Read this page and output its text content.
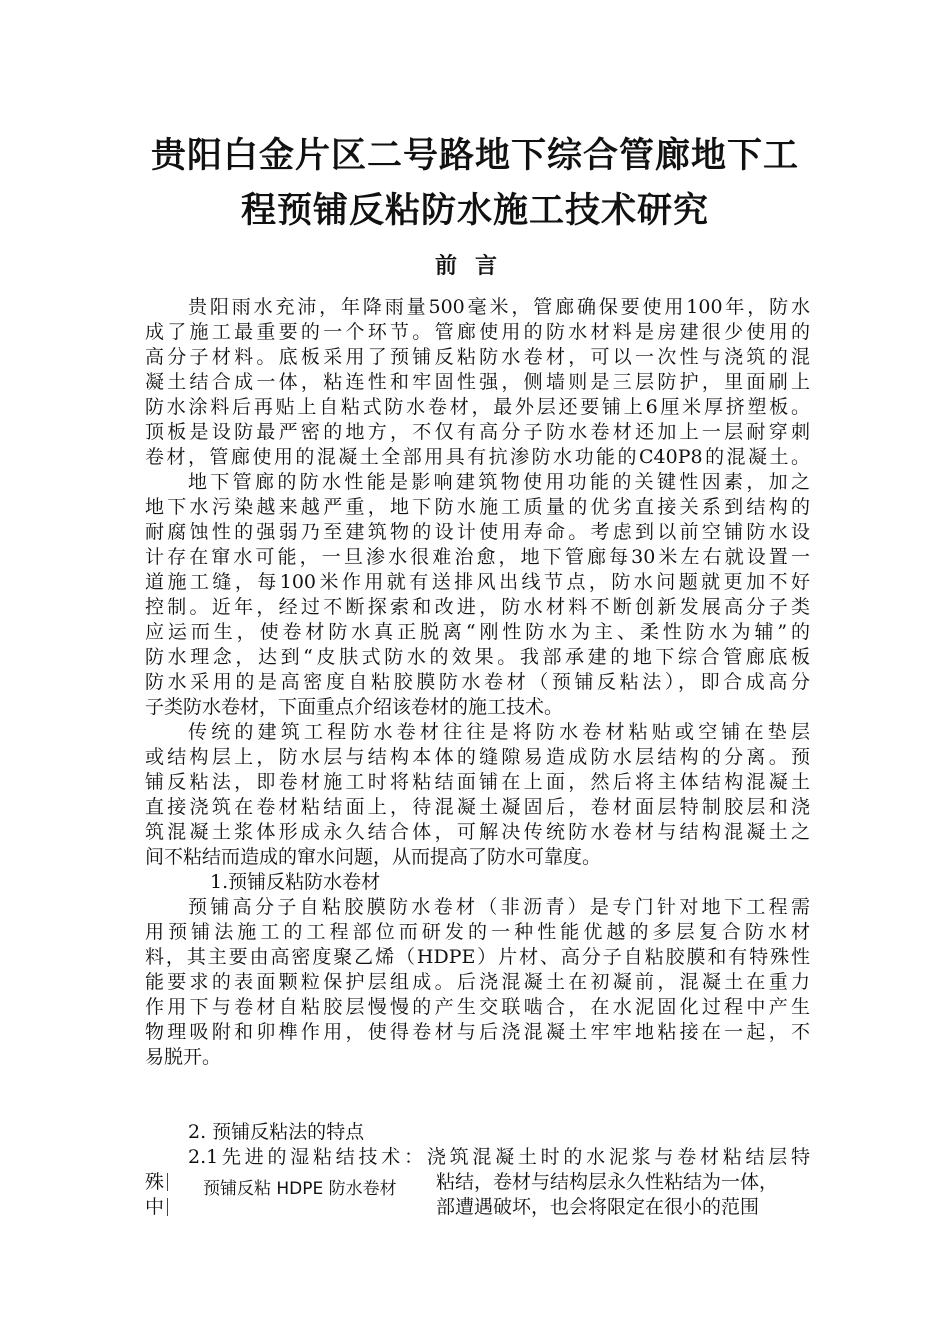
贵阳白金片区二号路地下综合管廊地下工
程预铺反粘防水施工技术研究
前言
贵阳雨水充沛，年降雨量500毫米，管廊确保要使用100年，防水
成了施工最重要的一个环节。管廊使用的防水材料是房建很少使用的
高分子材料。底板采用了预铺反粘防水卷材，可以一次性与浇筑的混
凝土结合成一体，粘连性和牢固性强，侧墙则是三层防护，里面刷上
防水涂料后再贴上自粘式防水卷材，最外层还要铺上6厘米厚挤塑板。
顶板是设防最严密的地方，不仅有高分子防水卷材还加上一层耐穿刺
卷材，管廊使用的混凝土全部用具有抗渗防水功能的C40P8的混凝土。
地下管廊的防水性能是影响建筑物使用功能的关键性因素，加之
地下水污染越来越严重，地下防水施工质量的优劣直接关系到结构的
耐腐蚀性的强弱乃至建筑物的设计使用寿命。考虑到以前空铺防水设
计存在窜水可能，一旦渗水很难治愈，地下管廊每30米左右就设置一
道施工缝，每100米作用就有送排风出线节点，防水问题就更加不好
控制。近年，经过不断探索和改进，防水材料不断创新发展高分子类
应运而生，使卷材防水真正脱离“刚性防水为主、柔性防水为辅”的
防水理念，达到“皮肤式防水的效果。我部承建的地下综合管廊底板
防水采用的是高密度自粘胶膜防水卷材（预铺反粘法），即合成高分
子类防水卷材，下面重点介绍该卷材的施工技术。
传统的建筑工程防水卷材往往是将防水卷材粘贴或空铺在垫层
或结构层上，防水层与结构本体的缝隙易造成防水层结构的分离。预
铺反粘法，即卷材施工时将粘结面铺在上面，然后将主体结构混凝土
直接浇筑在卷材粘结面上，待混凝土凝固后，卷材面层特制胶层和浇
筑混凝土浆体形成永久结合体，可解决传统防水卷材与结构混凝土之
间不粘结而造成的窜水问题，从而提高了防水可靠度。
1.预铺反粘防水卷材
预铺高分子自粘胶膜防水卷材（非沥青）是专门针对地下工程需
用预铺法施工的工程部位而研发的一种性能优越的多层复合防水材
料，其主要由高密度聚乙烯（HDPE）片材、高分子自粘胶膜和有特殊性
能要求的表面颗粒保护层组成。后浇混凝土在初凝前，混凝土在重力
作用下与卷材自粘胶层慢慢的产生交联啮合，在水泥固化过程中产生
物理吸附和卯榫作用，使得卷材与后浇混凝土牢牢地粘接在一起，不
易脱开。
2. 预铺反粘法的特点
2.1先进的湿粘结技术：浇筑混凝土时的水泥浆与卷材粘结层特
殊
中
预铺反粘 HDPE 防水卷材 粘结，卷材与结构层永久性粘结为一体，
部遭遇破坏，也会将限定在很小的范围
